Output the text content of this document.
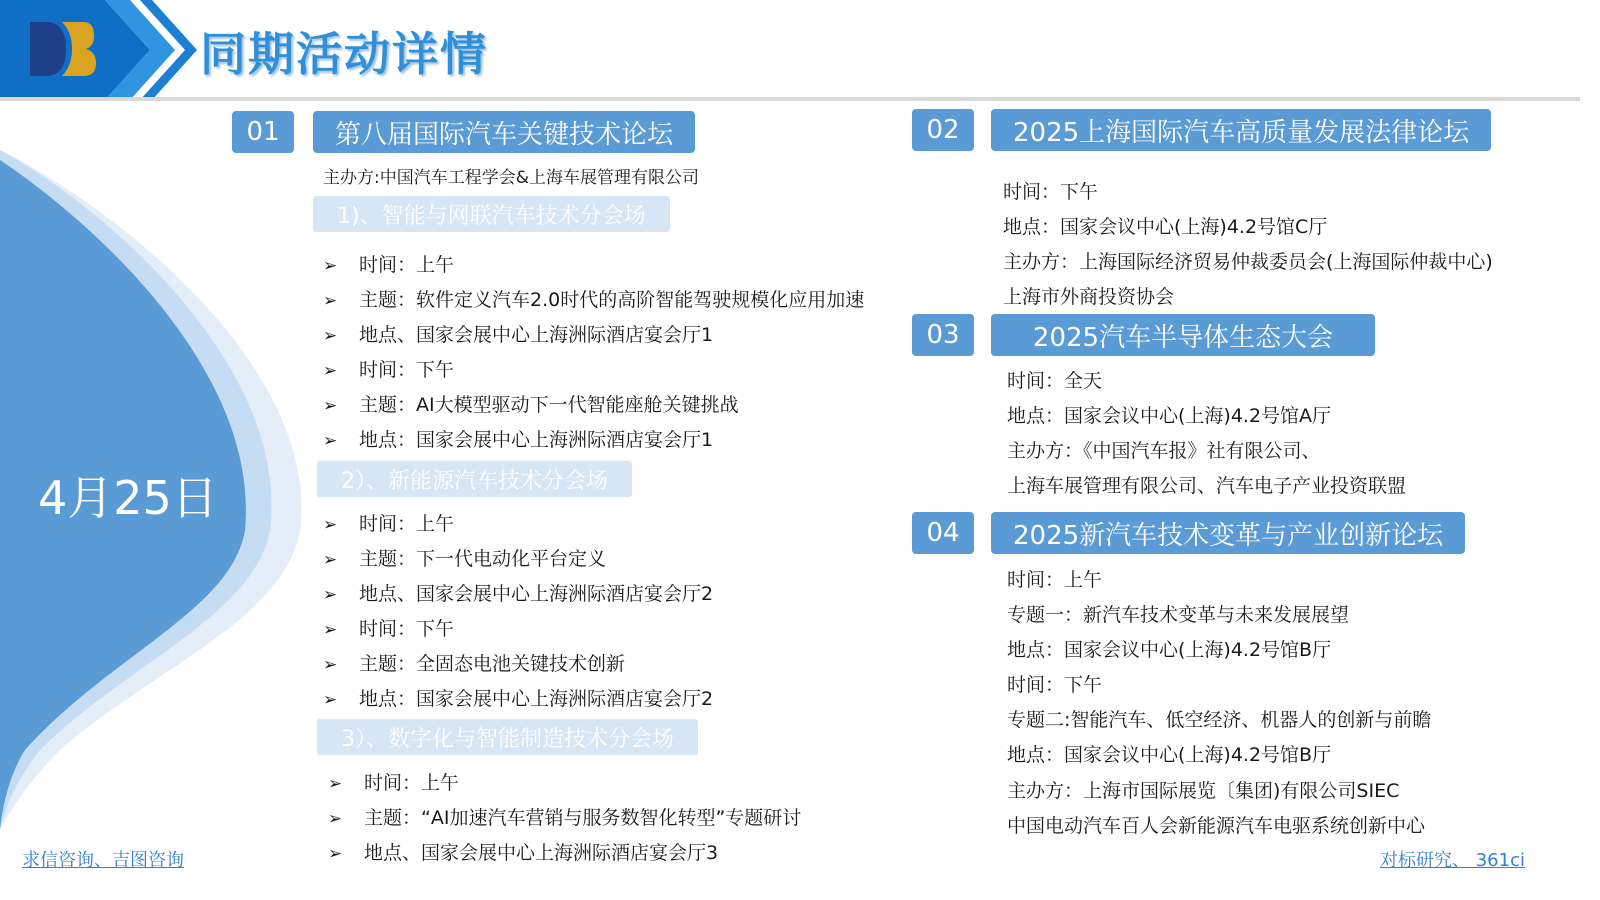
同期活动详情
4月25日
01	第八届国际汽车关键技术论坛
主办方:中国汽车工程学会&上海车展管理有限公司
1)、智能与网联汽车技术分会场
➢ 时间：上午
➢ 主题：软件定义汽车2.0时代的高阶智能驾驶规模化应用加速
➢ 地点、国家会展中心上海洲际酒店宴会厅1
➢ 时间：下午
➢ 主题：AI大模型驱动下一代智能座舱关键挑战
➢ 地点：国家会展中心上海洲际酒店宴会厅1
2）、新能源汽车技术分会场
➢ 时间：上午
➢ 主题：下一代电动化平台定义
➢ 地点、国家会展中心上海洲际酒店宴会厅2
➢ 时间：下午
➢ 主题：全固态电池关键技术创新
➢ 地点：国家会展中心上海洲际酒店宴会厅2
3）、数字化与智能制造技术分会场
➢ 时间：上午
➢ 主题：“AI加速汽车营销与服务数智化转型”专题研讨
➢ 地点、国家会展中心上海洲际酒店宴会厅3
02	2025上海国际汽车高质量发展法律论坛
时间：下午
地点：国家会议中心(上海)4.2号馆C厅
主办方：上海国际经济贸易仲裁委员会(上海国际仲裁中心)
上海市外商投资协会
03	2025汽车半导体生态大会
时间：全天
地点：国家会议中心(上海)4.2号馆A厅
主办方：《中国汽车报》社有限公司、
上海车展管理有限公司、汽车电子产业投资联盟
04	2025新汽车技术变革与产业创新论坛
时间：上午
专题一：新汽车技术变革与未来发展展望
地点：国家会议中心(上海)4.2号馆B厅
时间：下午
专题二:智能汽车、低空经济、机器人的创新与前瞻
地点：国家会议中心(上海)4.2号馆B厅
主办方：上海市国际展览〔集团)有限公司SIEC
中国电动汽车百人会新能源汽车电驱系统创新中心
求信咨询、吉图咨询	对标研究、 361ci
